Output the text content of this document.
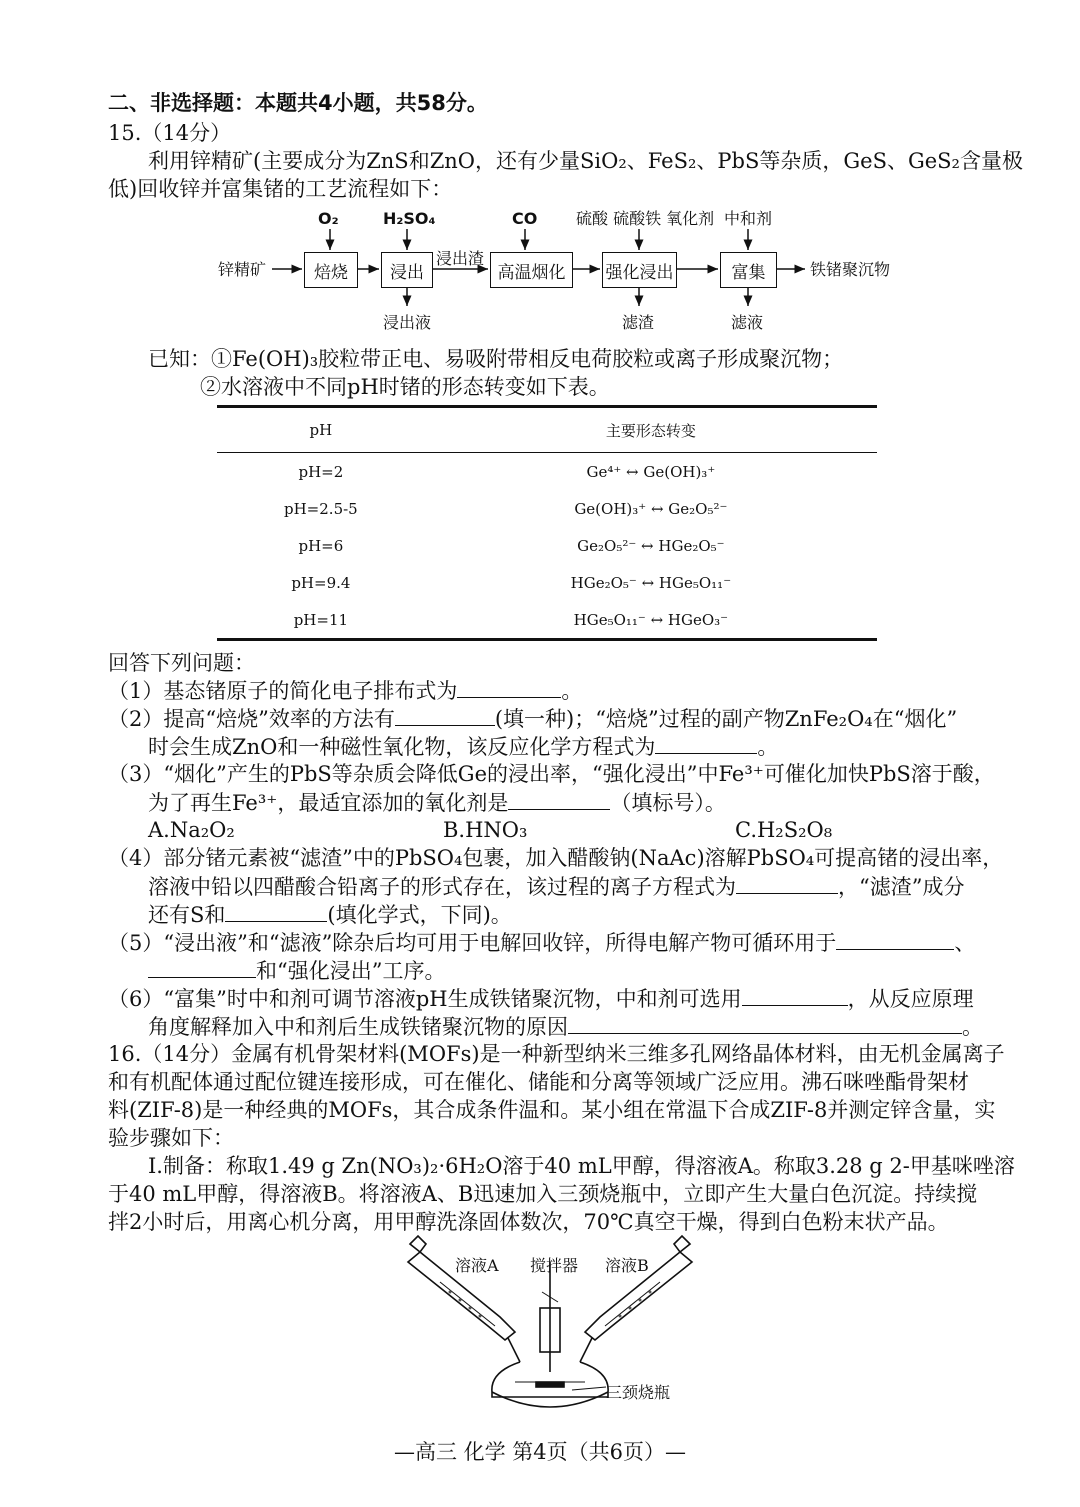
二、非选择题：本题共4小题，共58分。
15.（14分）
利用锌精矿(主要成分为ZnS和ZnO，还有少量SiO₂、FeS₂、PbS等杂质，GeS、GeS₂含量极
低)回收锌并富集锗的工艺流程如下：
锌精矿	焙烧 浸出	高温烟化 强化浸出	富集	铁锗聚沉物
O₂	H₂SO₄	CO 硫酸 硫酸铁 氧化剂 中和剂
浸出渣
浸出液	滤渣	滤液
已知：①Fe(OH)₃胶粒带正电、易吸附带相反电荷胶粒或离子形成聚沉物；
②水溶液中不同pH时锗的形态转变如下表。
pH	主要形态转变
pH=2	Ge⁴⁺ ↔ Ge(OH)₃⁺
pH=2.5-5	Ge(OH)₃⁺ ↔ Ge₂O₅²⁻
pH=6	Ge₂O₅²⁻ ↔ HGe₂O₅⁻
pH=9.4	HGe₂O₅⁻ ↔ HGe₅O₁₁⁻
pH=11	HGe₅O₁₁⁻ ↔ HGeO₃⁻
回答下列问题：
（1）基态锗原子的简化电子排布式为	。
（2）提高“焙烧”效率的方法有	(填一种)；“焙烧”过程的副产物ZnFe₂O₄在“烟化”
时会生成ZnO和一种磁性氧化物，该反应化学方程式为	。
（3）“烟化”产生的PbS等杂质会降低Ge的浸出率，“强化浸出”中Fe³⁺可催化加快PbS溶于酸，
为了再生Fe³⁺，最适宜添加的氧化剂是	（填标号）。
A.Na₂O₂	B.HNO₃	C.H₂S₂O₈
（4）部分锗元素被“滤渣”中的PbSO₄包裹，加入醋酸钠(NaAc)溶解PbSO₄可提高锗的浸出率，
溶液中铅以四醋酸合铅离子的形式存在，该过程的离子方程式为	，“滤渣”成分
还有S和	(填化学式，下同)。
（5）“浸出液”和“滤液”除杂后均可用于电解回收锌，所得电解产物可循环用于	、
和“强化浸出”工序。
（6）“富集”时中和剂可调节溶液pH生成铁锗聚沉物，中和剂可选用	，从反应原理
角度解释加入中和剂后生成铁锗聚沉物的原因	。
16.（14分）金属有机骨架材料(MOFs)是一种新型纳米三维多孔网络晶体材料，由无机金属离子
和有机配体通过配位键连接形成，可在催化、储能和分离等领域广泛应用。沸石咪唑酯骨架材
料(ZIF-8)是一种经典的MOFs，其合成条件温和。某小组在常温下合成ZIF-8并测定锌含量，实
验步骤如下：
Ⅰ.制备：称取1.49 g Zn(NO₃)₂·6H₂O溶于40 mL甲醇，得溶液A。称取3.28 g 2-甲基咪唑溶
于40 mL甲醇，得溶液B。将溶液A、B迅速加入三颈烧瓶中，立即产生大量白色沉淀。持续搅
拌2小时后，用离心机分离，用甲醇洗涤固体数次，70℃真空干燥，得到白色粉末状产品。
溶液A 搅拌器 溶液B
三颈烧瓶
—高三 化学 第4页（共6页）—
